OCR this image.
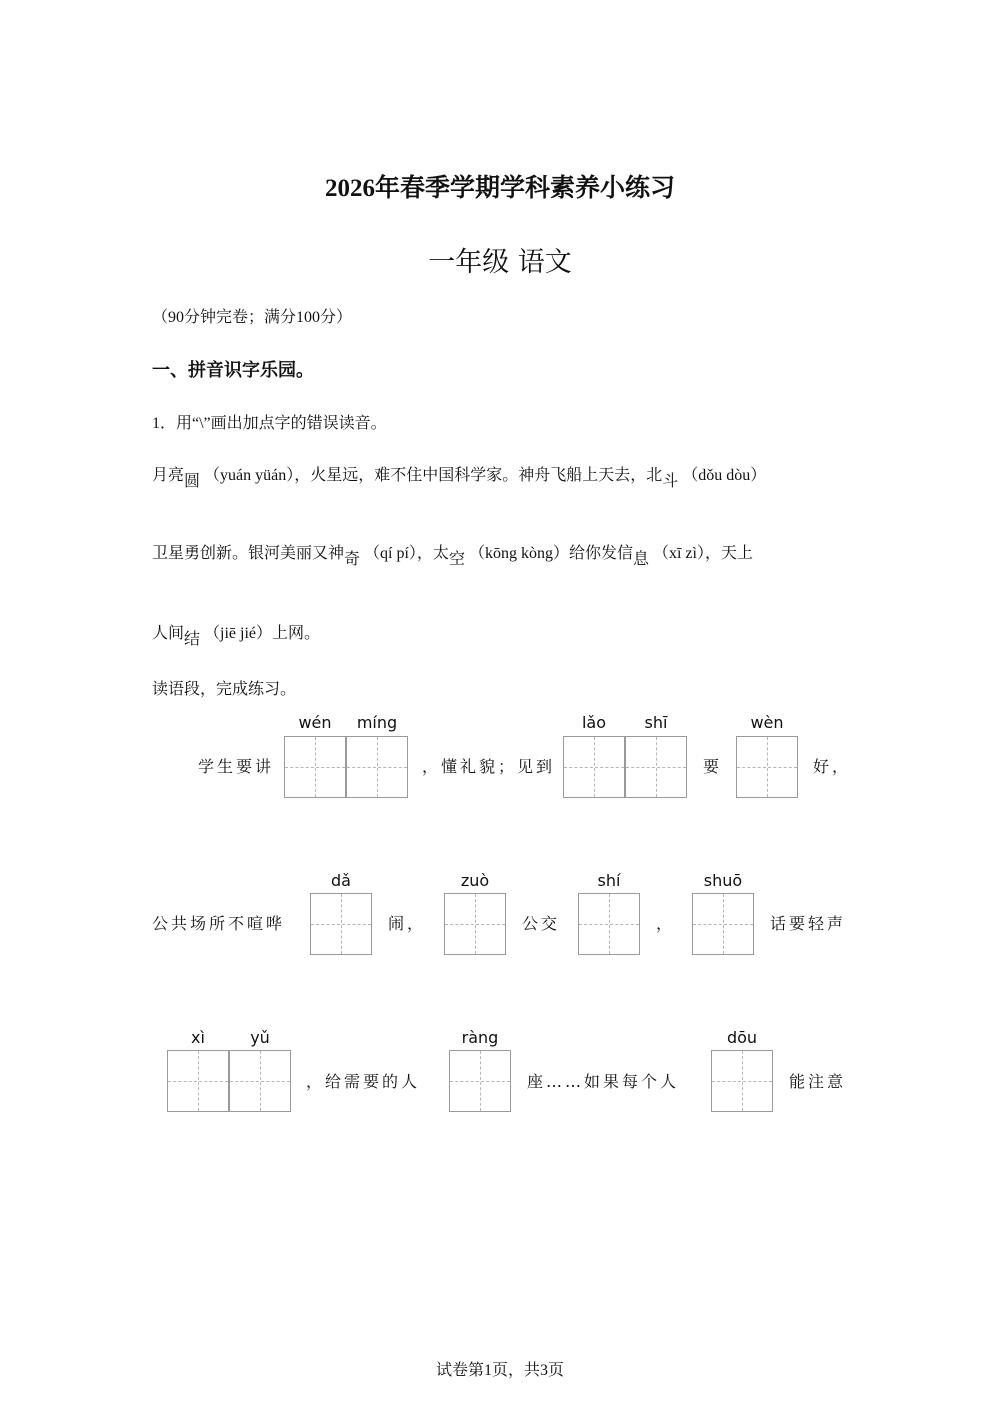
2026年春季学期学科素养小练习
一年级 语文
（90分钟完卷；满分100分）
一、拼音识字乐园。
1．用“\”画出加点字的错误读音。
月亮圆 （yuán yüán），火星远，难不住中国科学家。神舟飞船上天去，北斗 （dǒu dòu）
卫星勇创新。银河美丽又神奇 （qí pí），太空 （kōng kòng）给你发信息 （xī zì），天上
人间结 （jiē jié）上网。
读语段，完成练习。
学生要讲
wén	míng
，懂礼貌；见到
lǎo	shī
要
wèn
好，
公共场所不喧哗
dǎ
闹，
zuò
公交
shí
，
shuō
话要轻声
xì	yǔ
，给需要的人
ràng
座……如果每个人
dōu
能注意
试卷第1页，共3页
